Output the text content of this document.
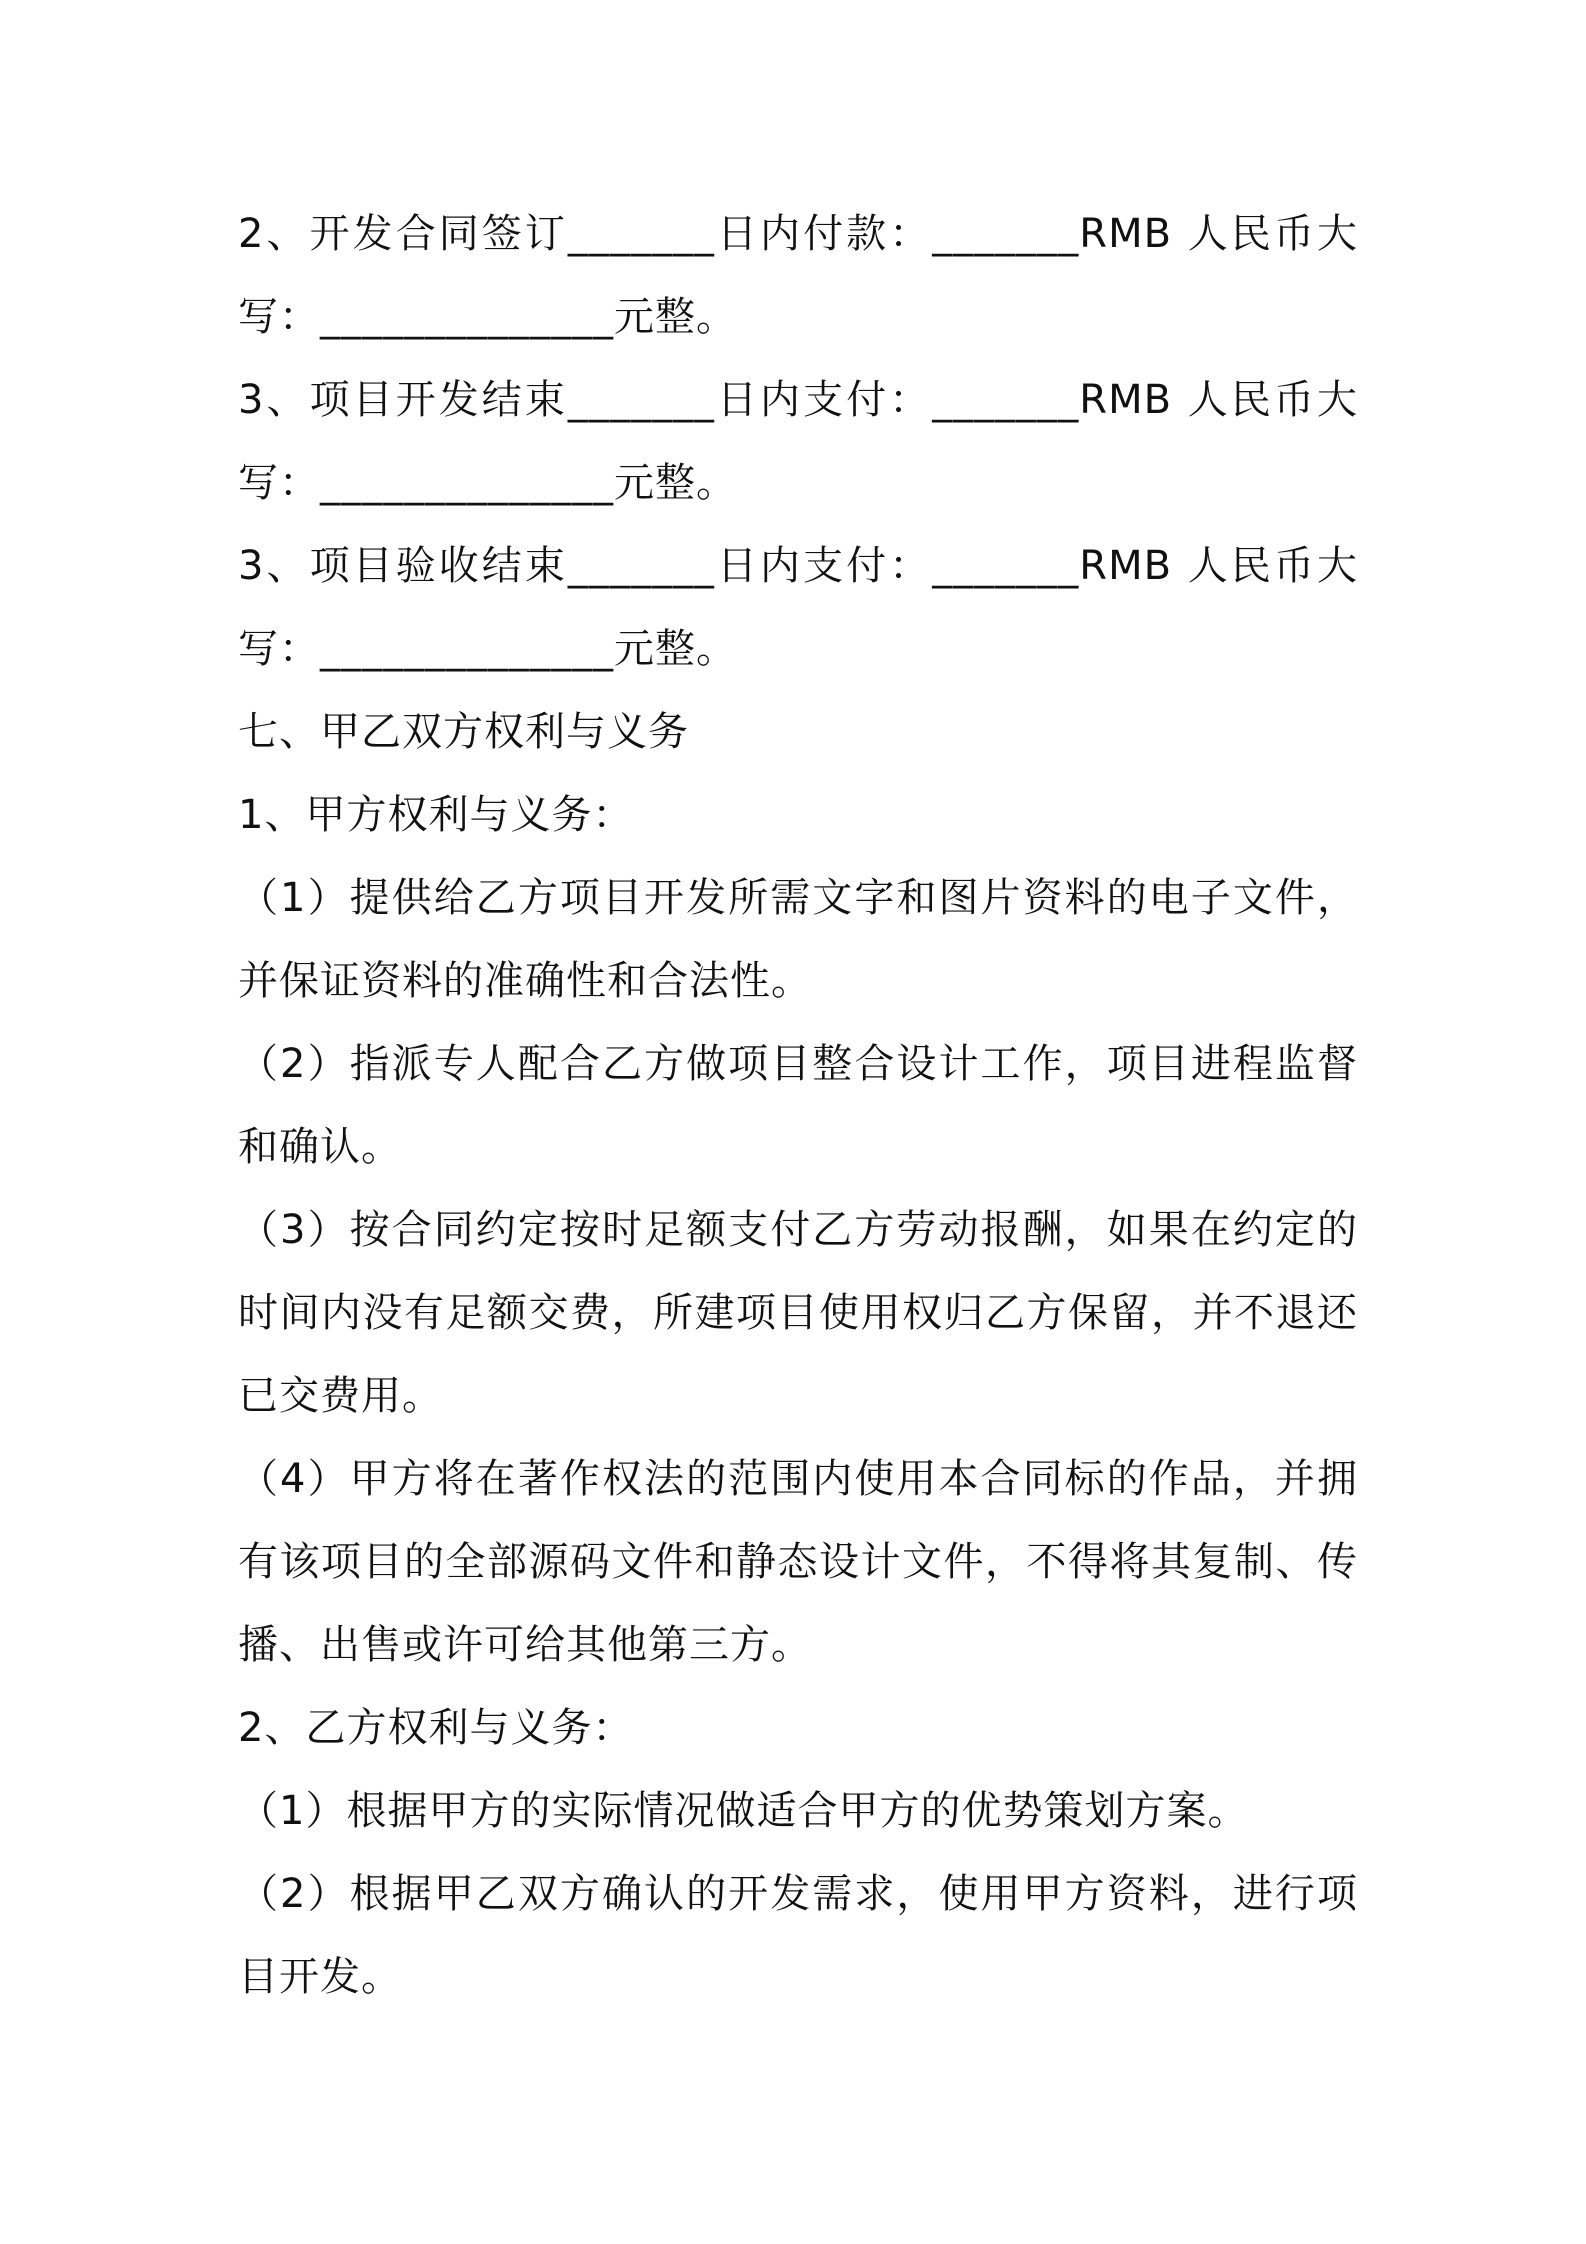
2、开发合同签订_______日内付款：_______RMB 人民币大写：______________元整。

3、项目开发结束_______日内支付：_______RMB 人民币大写：______________元整。

3、项目验收结束_______日内支付：_______RMB 人民币大写：______________元整。

七、甲乙双方权利与义务

1、甲方权利与义务：

（1）提供给乙方项目开发所需文字和图片资料的电子文件，并保证资料的准确性和合法性。

（2）指派专人配合乙方做项目整合设计工作，项目进程监督和确认。

（3）按合同约定按时足额支付乙方劳动报酬，如果在约定的时间内没有足额交费，所建项目使用权归乙方保留，并不退还已交费用。

（4）甲方将在著作权法的范围内使用本合同标的作品，并拥有该项目的全部源码文件和静态设计文件，不得将其复制、传播、出售或许可给其他第三方。

2、乙方权利与义务：

（1）根据甲方的实际情况做适合甲方的优势策划方案。

（2）根据甲乙双方确认的开发需求，使用甲方资料，进行项目开发。
